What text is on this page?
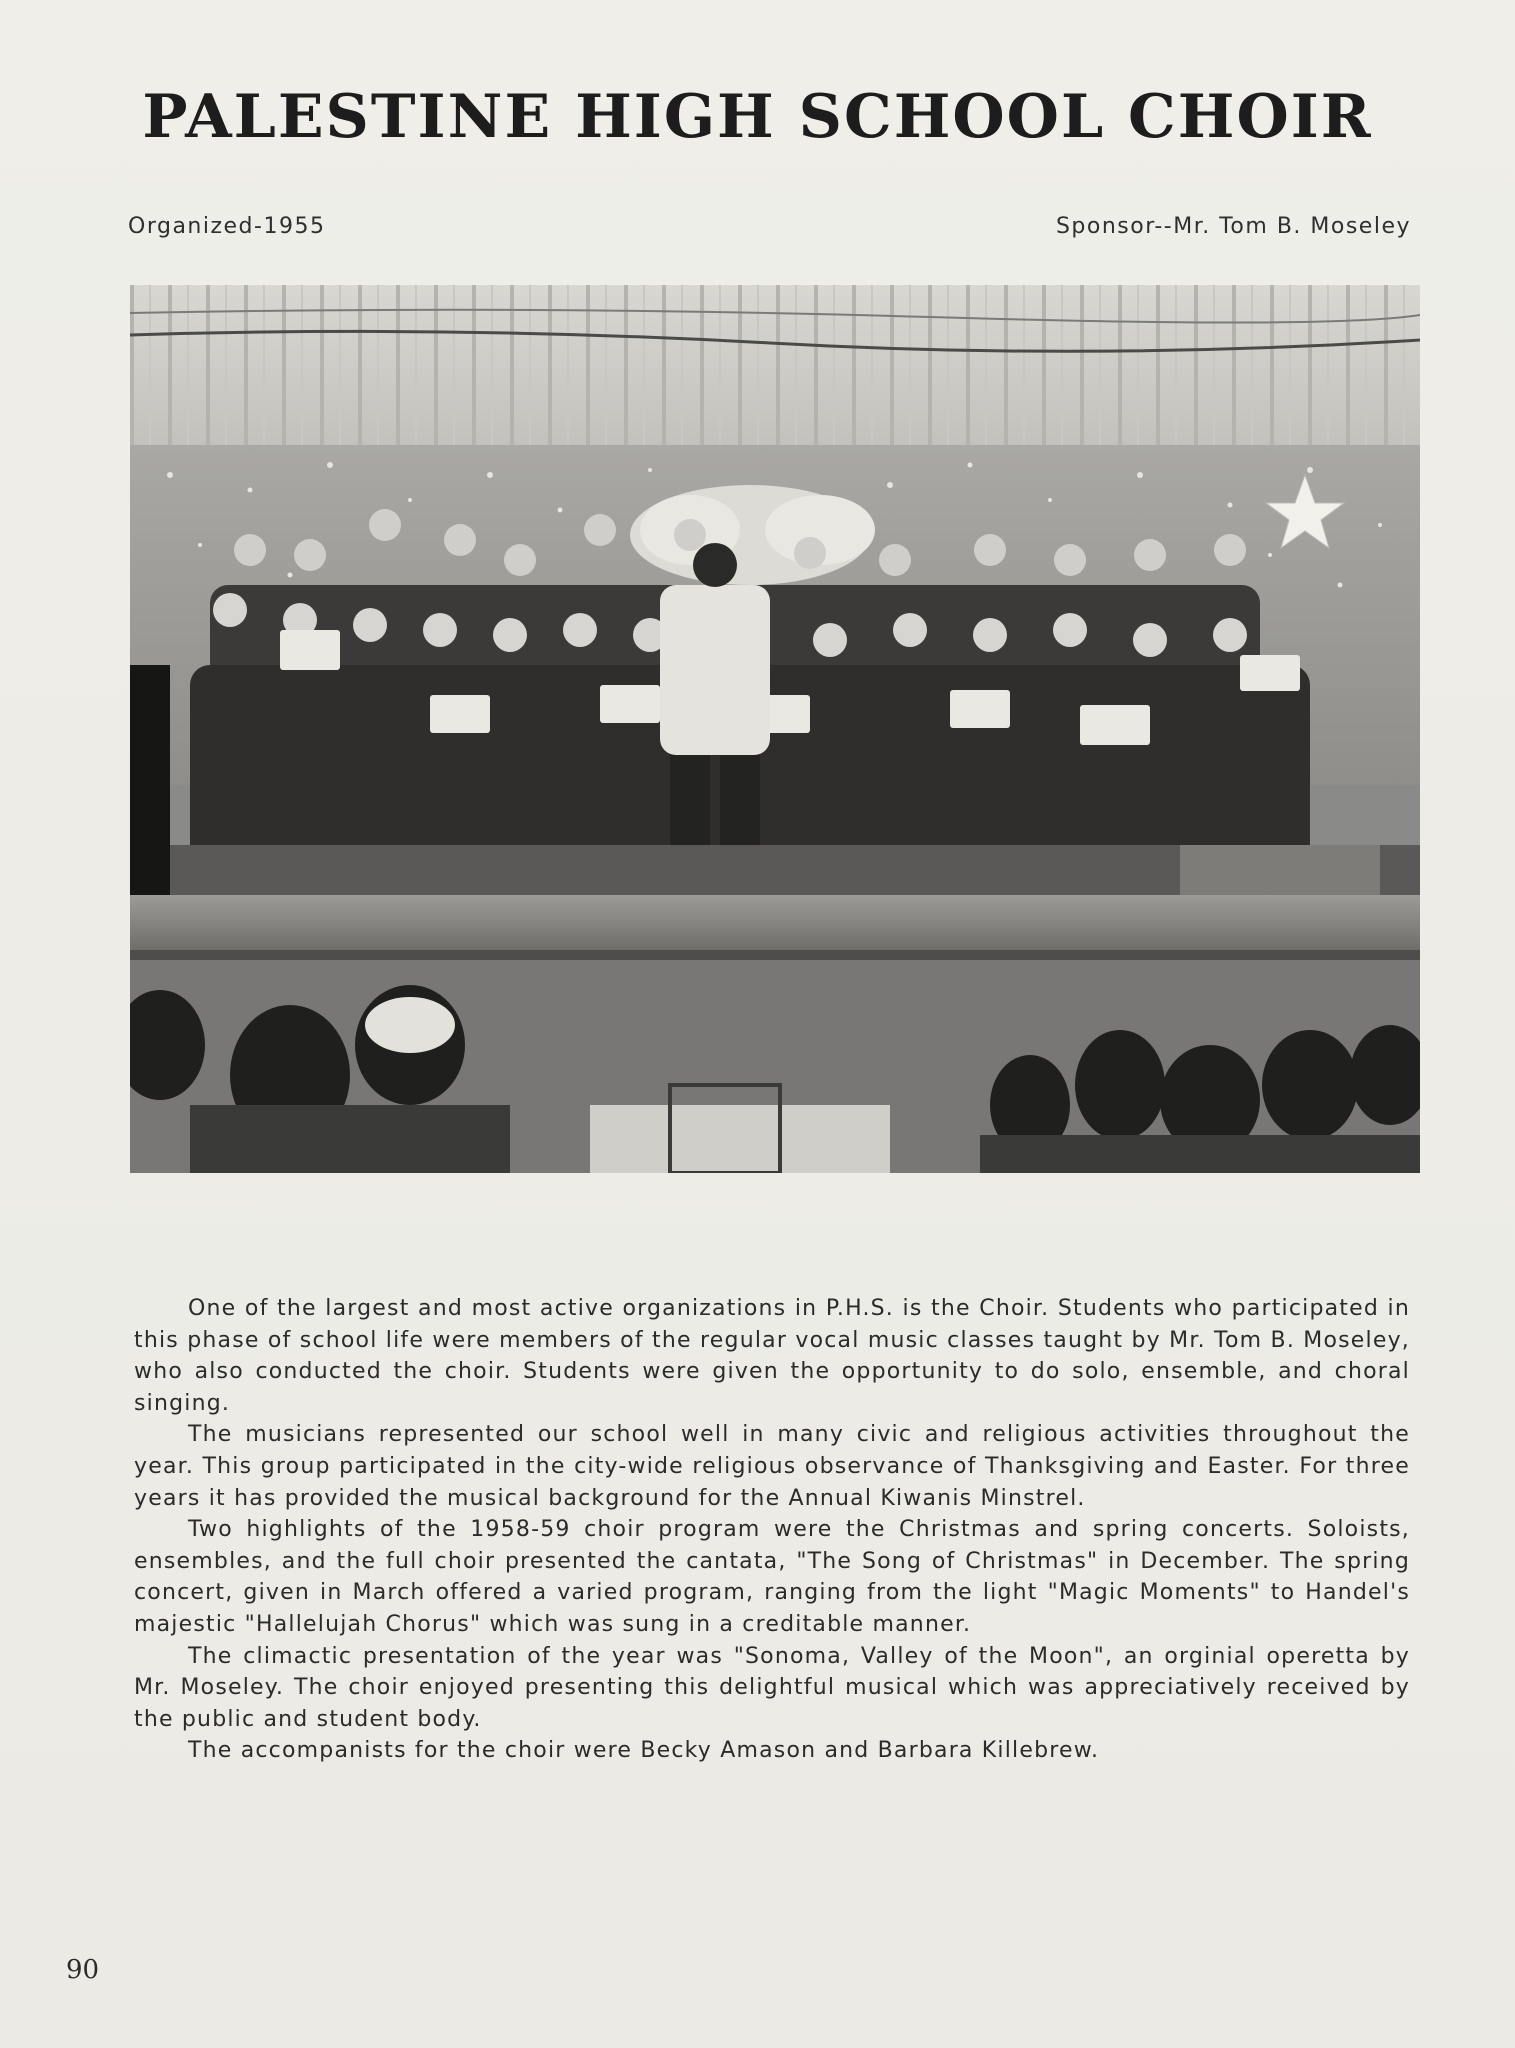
PALESTINE HIGH SCHOOL CHOIR
Organized-1955	Sponsor--Mr. Tom B. Moseley

One of the largest and most active organizations in P.H.S. is the Choir. Students who participated in this phase of school life were members of the regular vocal music classes taught by Mr. Tom B. Moseley, who also conducted the choir. Students were given the opportunity to do solo, ensemble, and choral singing.

The musicians represented our school well in many civic and religious activities throughout the year. This group participated in the city-wide religious observance of Thanksgiving and Easter. For three years it has provided the musical background for the Annual Kiwanis Minstrel.

Two highlights of the 1958-59 choir program were the Christmas and spring concerts. Soloists, ensembles, and the full choir presented the cantata, "The Song of Christmas" in December. The spring concert, given in March offered a varied program, ranging from the light "Magic Moments" to Handel's majestic "Hallelujah Chorus" which was sung in a creditable manner.

The climactic presentation of the year was "Sonoma, Valley of the Moon", an orginial operetta by Mr. Moseley. The choir enjoyed presenting this delightful musical which was appreciatively received by the public and student body.

The accompanists for the choir were Becky Amason and Barbara Killebrew.

90
